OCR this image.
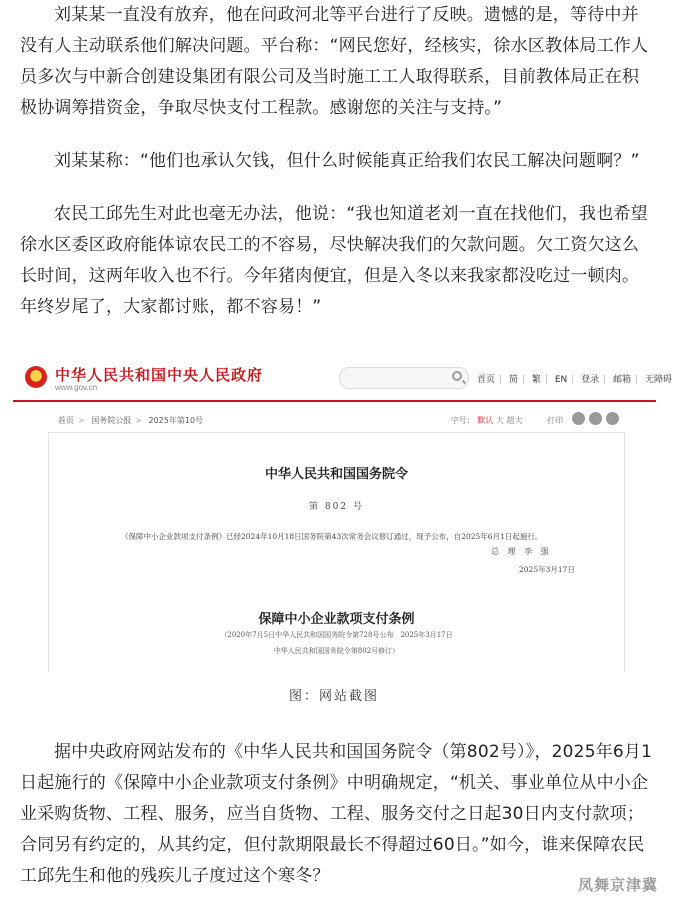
刘某某一直没有放弃，他在问政河北等平台进行了反映。遗憾的是，等待中并没有人主动联系他们解决问题。平台称：“网民您好，经核实，徐水区教体局工作人员多次与中新合创建设集团有限公司及当时施工工人取得联系，目前教体局正在积极协调筹措资金，争取尽快支付工程款。感谢您的关注与支持。”

刘某某称：“他们也承认欠钱，但什么时候能真正给我们农民工解决问题啊？”

农民工邱先生对此也毫无办法，他说：“我也知道老刘一直在找他们，我也希望徐水区委区政府能体谅农民工的不容易，尽快解决我们的欠款问题。欠工资欠这么长时间，这两年收入也不行。今年猪肉便宜，但是入冬以来我家都没吃过一顿肉。年终岁尾了，大家都讨账，都不容易！”

中华人民共和国中央人民政府
www.gov.cn
首页 | 简 | 繁 | EN | 登录 | 邮箱 | 无障碍
首页 > 国务院公报 > 2025年第10号	字号： 默认 大 超大	打印
中华人民共和国国务院令
第 802 号
《保障中小企业款项支付条例》已经2024年10月18日国务院第43次常务会议修订通过，现予公布，自2025年6月1日起施行。
总 理 李 强
2025年3月17日
保障中小企业款项支付条例
（2020年7月5日中华人民共和国国务院令第728号公布　2025年3月17日
中华人民共和国国务院令第802号修订）
图：网站截图

据中央政府网站发布的《中华人民共和国国务院令（第802号）》，2025年6月1日起施行的《保障中小企业款项支付条例》中明确规定，“机关、事业单位从中小企业采购货物、工程、服务，应当自货物、工程、服务交付之日起30日内支付款项；合同另有约定的，从其约定，但付款期限最长不得超过60日。”如今，谁来保障农民工邱先生和他的残疾儿子度过这个寒冬？	凤舞京津冀
